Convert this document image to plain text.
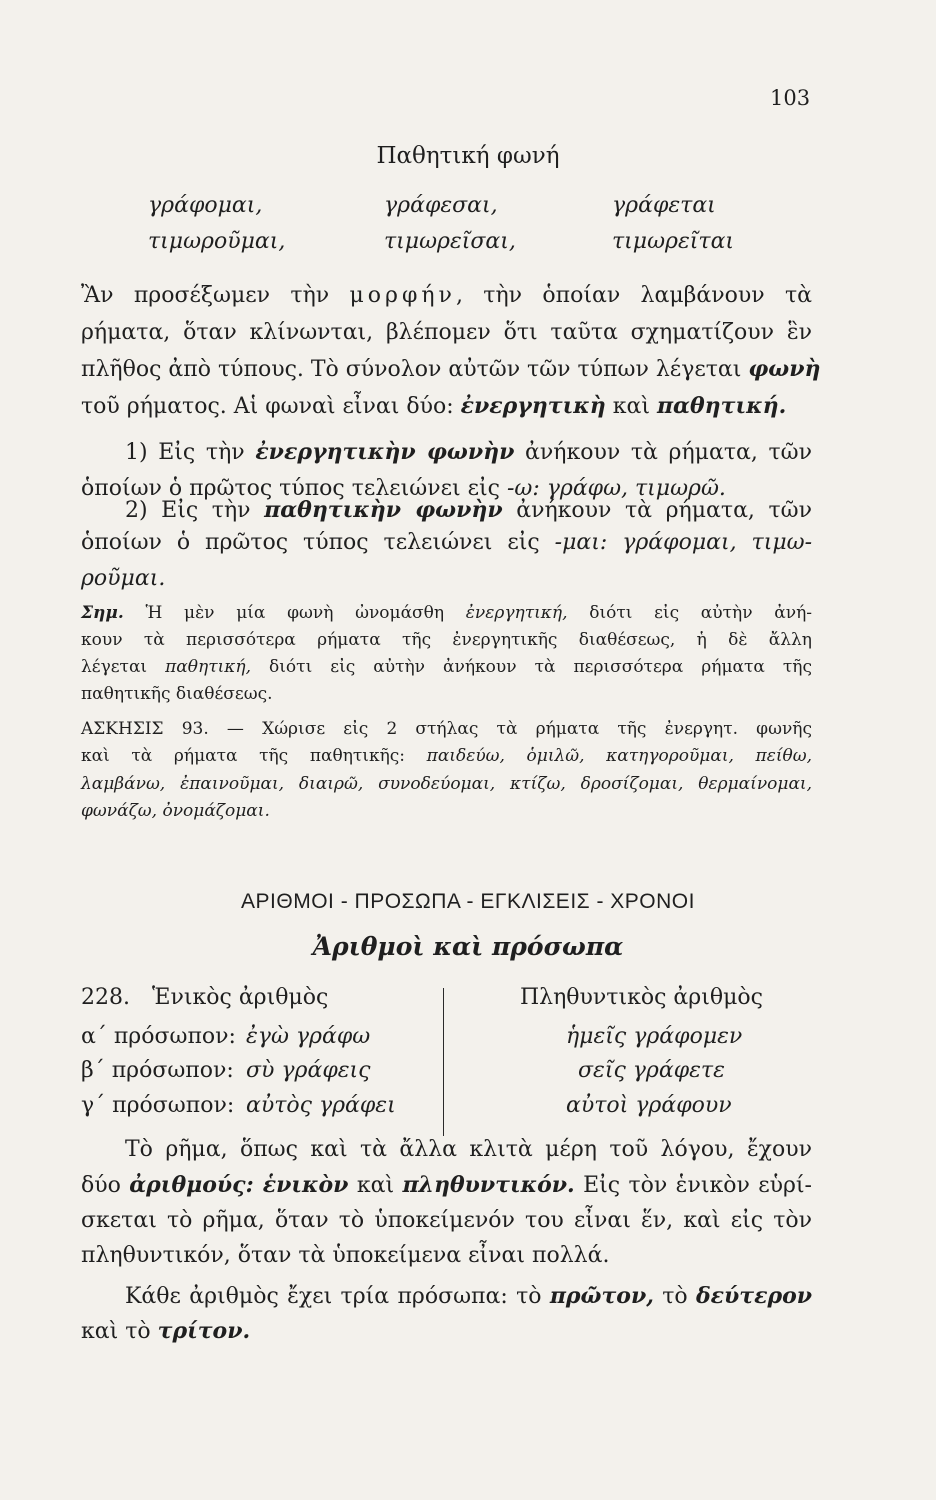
103
Παθητική φωνή
γράφομαι,	γράφεσαι,	γράφεται
τιμωροῦμαι,	τιμωρεῖσαι,	τιμωρεῖται
Ἂν προσέξωμεν τὴν μορφήν, τὴν ὁποίαν λαμβάνουν τὰ
ρήματα, ὅταν κλίνωνται, βλέπομεν ὅτι ταῦτα σχηματίζουν ἓν
πλῆθος ἀπὸ τύπους. Τὸ σύνολον αὐτῶν τῶν τύπων λέγεται φωνὴ
τοῦ ρήματος. Αἱ φωναὶ εἶναι δύο: ἐνεργητικὴ καὶ παθητική.
1) Εἰς τὴν ἐνεργητικὴν φωνὴν ἀνήκουν τὰ ρήματα, τῶν
ὁποίων ὁ πρῶτος τύπος τελειώνει εἰς -ω: γράφω, τιμωρῶ.
2) Εἰς τὴν παθητικὴν φωνὴν ἀνήκουν τὰ ρήματα, τῶν
ὁποίων ὁ πρῶτος τύπος τελειώνει εἰς -μαι: γράφομαι, τιμω-
ροῦμαι.
Σημ. Ἡ μὲν μία φωνὴ ὠνομάσθη ἐνεργητική, διότι εἰς αὐτὴν ἀνή-
κουν τὰ περισσότερα ρήματα τῆς ἐνεργητικῆς διαθέσεως, ἡ δὲ ἄλλη
λέγεται παθητική, διότι εἰς αὐτὴν ἀνήκουν τὰ περισσότερα ρήματα τῆς
παθητικῆς διαθέσεως.
ΑΣΚΗΣΙΣ 93. — Χώρισε εἰς 2 στήλας τὰ ρήματα τῆς ἐνεργητ. φωνῆς
καὶ τὰ ρήματα τῆς παθητικῆς: παιδεύω, ὁμιλῶ, κατηγοροῦμαι, πείθω,
λαμβάνω, ἐπαινοῦμαι, διαιρῶ, συνοδεύομαι, κτίζω, δροσίζομαι, θερμαίνομαι,
φωνάζω, ὀνομάζομαι.
ΑΡΙΘΜΟΙ - ΠΡΟΣΩΠΑ - ΕΓΚΛΙΣΕΙΣ - ΧΡΟΝΟΙ
Ἀριθμοὶ καὶ πρόσωπα
228. Ἑνικὸς ἀριθμὸς	Πληθυντικὸς ἀριθμὸς
α΄ πρόσωπον: ἐγὼ γράφω	ἡμεῖς γράφομεν
β΄ πρόσωπον: σὺ γράφεις	σεῖς γράφετε
γ΄ πρόσωπον: αὐτὸς γράφει	αὐτοὶ γράφουν
Τὸ ρῆμα, ὅπως καὶ τὰ ἄλλα κλιτὰ μέρη τοῦ λόγου, ἔχουν
δύο ἀριθμούς: ἑνικὸν καὶ πληθυντικόν. Εἰς τὸν ἑνικὸν εὑρί-
σκεται τὸ ρῆμα, ὅταν τὸ ὑποκείμενόν του εἶναι ἕν, καὶ εἰς τὸν
πληθυντικόν, ὅταν τὰ ὑποκείμενα εἶναι πολλά.
Κάθε ἀριθμὸς ἔχει τρία πρόσωπα: τὸ πρῶτον, τὸ δεύτερον
καὶ τὸ τρίτον.
